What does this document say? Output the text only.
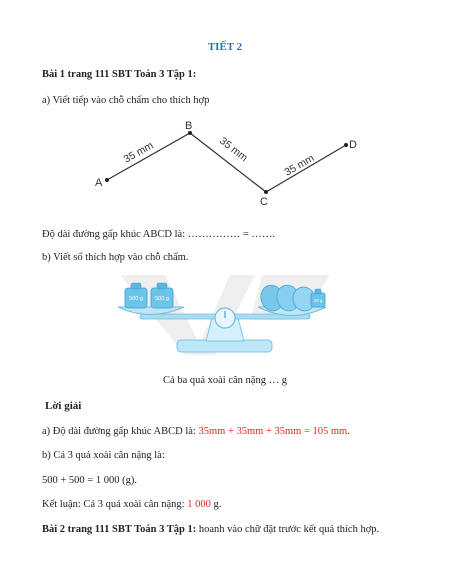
TIẾT 2
Bài 1 trang 111 SBT Toán 3 Tập 1:
a) Viết tiếp vào chỗ chấm cho thích hợp
A
B
C
D
35 mm	35 mm
35 mm
Độ dài đường gấp khúc ABCD là: …………… = …….
b) Viết số thích hợp vào chỗ chấm.
500 g 500 g	20 g
Cả ba quả xoài cân nặng … g
Lời giải
a) Độ dài đường gấp khúc ABCD là: 35mm + 35mm + 35mm = 105 mm.
b) Cả 3 quả xoài cân nặng là:
500 + 500 = 1 000 (g).
Kết luận: Cả 3 quả xoài cân nặng: 1 000 g.
Bài 2 trang 111 SBT Toán 3 Tập 1: hoanh vào chữ đặt trước kết quả thích hợp.
